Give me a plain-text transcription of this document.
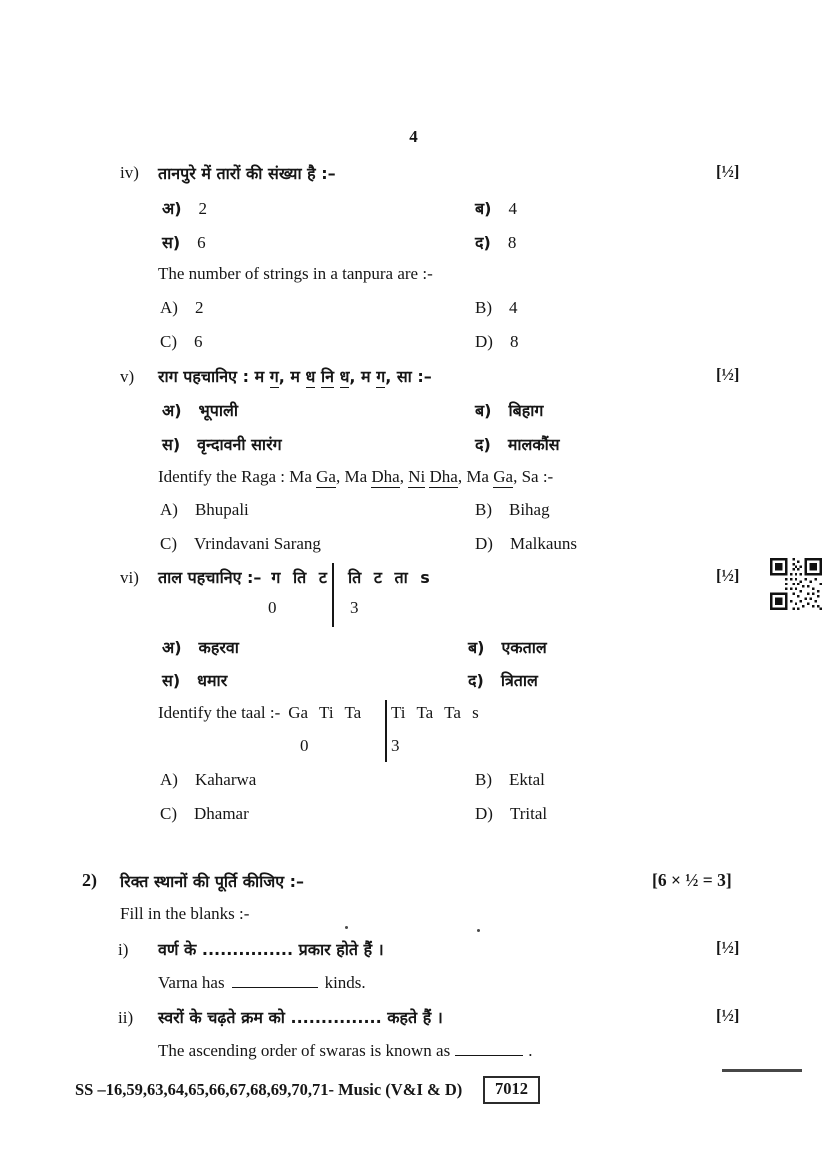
4
iv) तानपुरे में तारों की संख्या है :–	[½]
अ) 2	ब) 4
स) 6	द) 8
The number of strings in a tanpura are :-
A) 2	B) 4
C) 6	D) 8
v) राग पहचानिए : म ग, म ध नि ध, म ग, सा :–	[½]
अ) भूपाली	ब) बिहाग
स) वृन्दावनी सारंग	द) मालकौंस
Identify the Raga : Ma Ga, Ma Dha, Ni Dha, Ma Ga, Sa :-
A) Bhupali	B) Bihag
C) Vrindavani Sarang	D) Malkauns
vi) ताल पहचानिए :– ग ति ट ति ट ता s
0	3
[½]
अ) कहरवा	ब) एकताल
स) धमार	द) त्रिताल
Identify the taal :- Ga Ti Ta Ti Ta Ta s
0	3
A) Kaharwa	B) Ektal
C) Dhamar	D) Trital
2) रिक्त स्थानों की पूर्ति कीजिए :–	[6 × ½ = 3]
Fill in the blanks :-
i) वर्ण के ............... प्रकार होते हैं ।	[½]
Varna has	kinds.
ii) स्वरों के चढ़ते क्रम को ............... कहते हैं ।	[½]
The ascending order of swaras is known as	.
SS –16,59,63,64,65,66,67,68,69,70,71- Music (V&I & D)	7012
